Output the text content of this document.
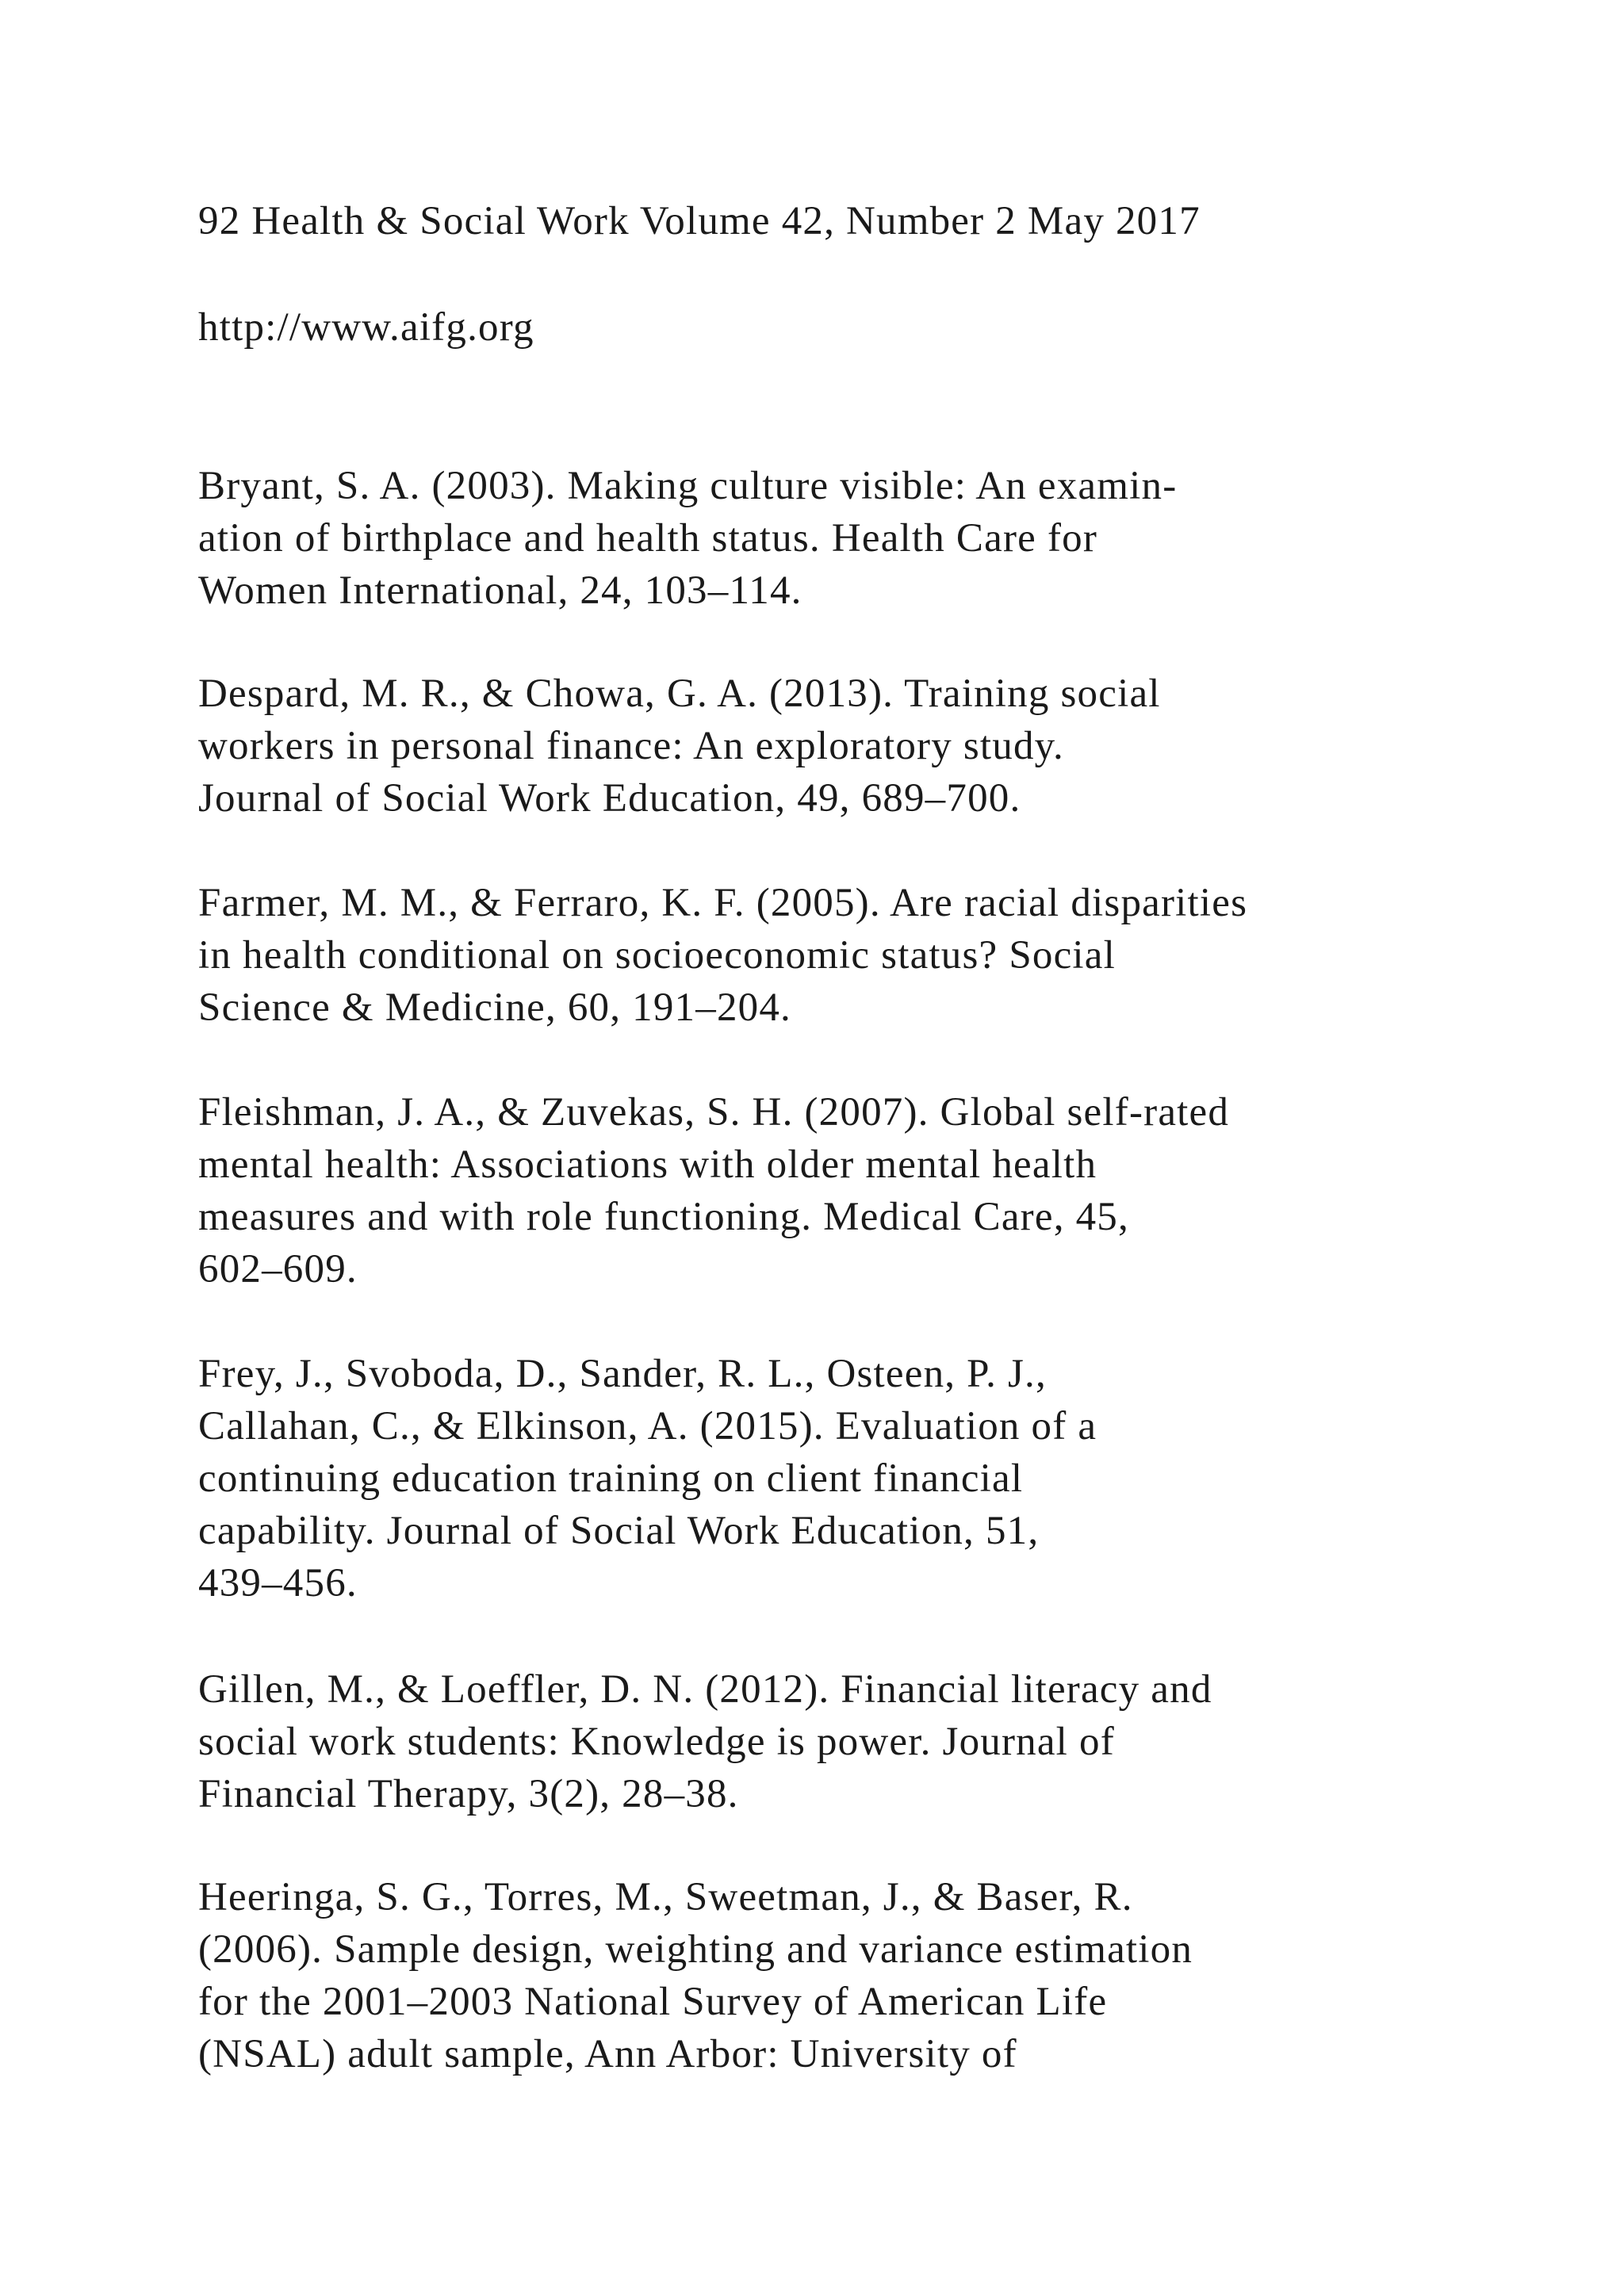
92 Health & Social Work Volume 42, Number 2 May 2017

http://www.aifg.org

Bryant, S. A. (2003). Making culture visible: An examin-
ation of birthplace and health status. Health Care for
Women International, 24, 103–114.

Despard, M. R., & Chowa, G. A. (2013). Training social
workers in personal finance: An exploratory study.
Journal of Social Work Education, 49, 689–700.

Farmer, M. M., & Ferraro, K. F. (2005). Are racial disparities
in health conditional on socioeconomic status? Social
Science & Medicine, 60, 191–204.

Fleishman, J. A., & Zuvekas, S. H. (2007). Global self-rated
mental health: Associations with older mental health
measures and with role functioning. Medical Care, 45,
602–609.

Frey, J., Svoboda, D., Sander, R. L., Osteen, P. J.,
Callahan, C., & Elkinson, A. (2015). Evaluation of a
continuing education training on client financial
capability. Journal of Social Work Education, 51,
439–456.

Gillen, M., & Loeffler, D. N. (2012). Financial literacy and
social work students: Knowledge is power. Journal of
Financial Therapy, 3(2), 28–38.

Heeringa, S. G., Torres, M., Sweetman, J., & Baser, R.
(2006). Sample design, weighting and variance estimation
for the 2001–2003 National Survey of American Life
(NSAL) adult sample, Ann Arbor: University of
